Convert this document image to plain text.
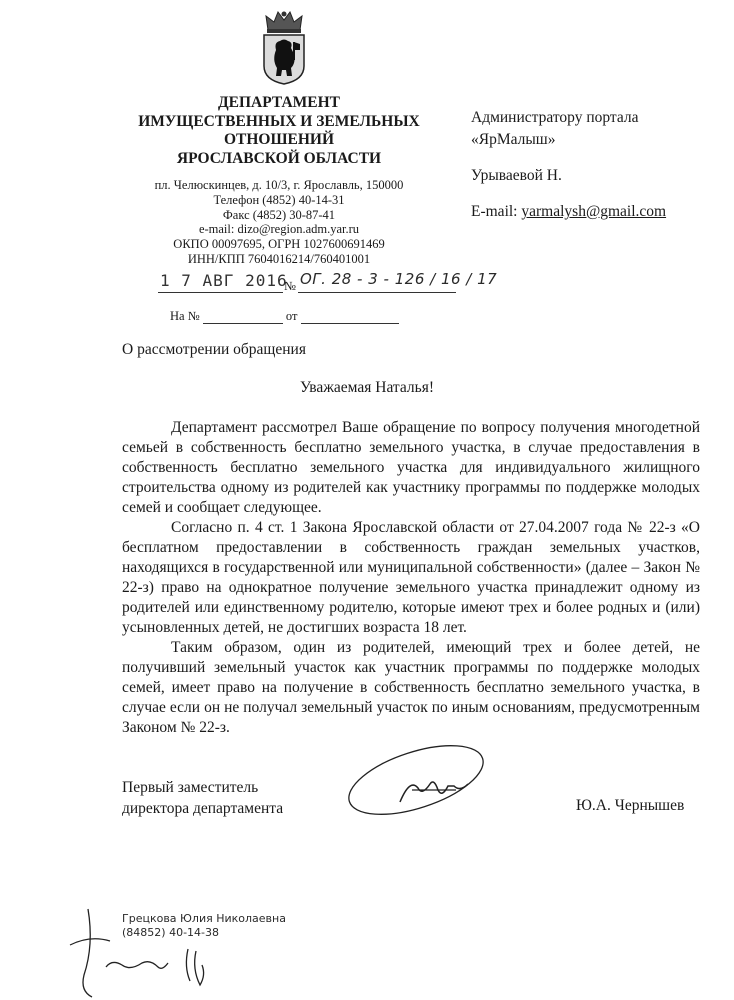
ДЕПАРТАМЕНТ
ИМУЩЕСТВЕННЫХ И ЗЕМЕЛЬНЫХ
ОТНОШЕНИЙ
ЯРОСЛАВСКОЙ ОБЛАСТИ
пл. Челюскинцев, д. 10/3, г. Ярославль, 150000
Телефон (4852) 40-14-31
Факс (4852) 30-87-41
e-mail: dizo@region.adm.yar.ru
ОКПО 00097695, ОГРН 1027600691469
ИНН/КПП 7604016214/760401001
Администратору портала
«ЯрМалыш»
Урываевой Н.
E-mail: yarmalysh@gmail.com
1 7 АВГ 2016
№ ОГ. 28 - 3 - 126 / 16 / 17
На №	от
О рассмотрении обращения
Уважаемая Наталья!

Департамент рассмотрел Ваше обращение по вопросу получения многодетной семьей в собственность бесплатно земельного участка, в случае предоставления в собственность бесплатно земельного участка для индивидуального жилищного строительства одному из родителей как участнику программы по поддержке молодых семей и сообщает следующее.

Согласно п. 4 ст. 1 Закона Ярославской области от 27.04.2007 года № 22-з «О бесплатном предоставлении в собственность граждан земельных участков, находящихся в государственной или муниципальной собственности» (далее – Закон № 22-з) право на однократное получение земельного участка принадлежит одному из родителей или единственному родителю, которые имеют трех и более родных и (или) усыновленных детей, не достигших возраста 18 лет.

Таким образом, один из родителей, имеющий трех и более детей, не получивший земельный участок как участник программы по поддержке молодых семей, имеет право на получение в собственность бесплатно земельного участка, в случае если он не получал земельный участок по иным основаниям, предусмотренным Законом № 22-з.

Первый заместитель
директора департамента	Ю.А. Чернышев
Грецкова Юлия Николаевна
(84852) 40-14-38
